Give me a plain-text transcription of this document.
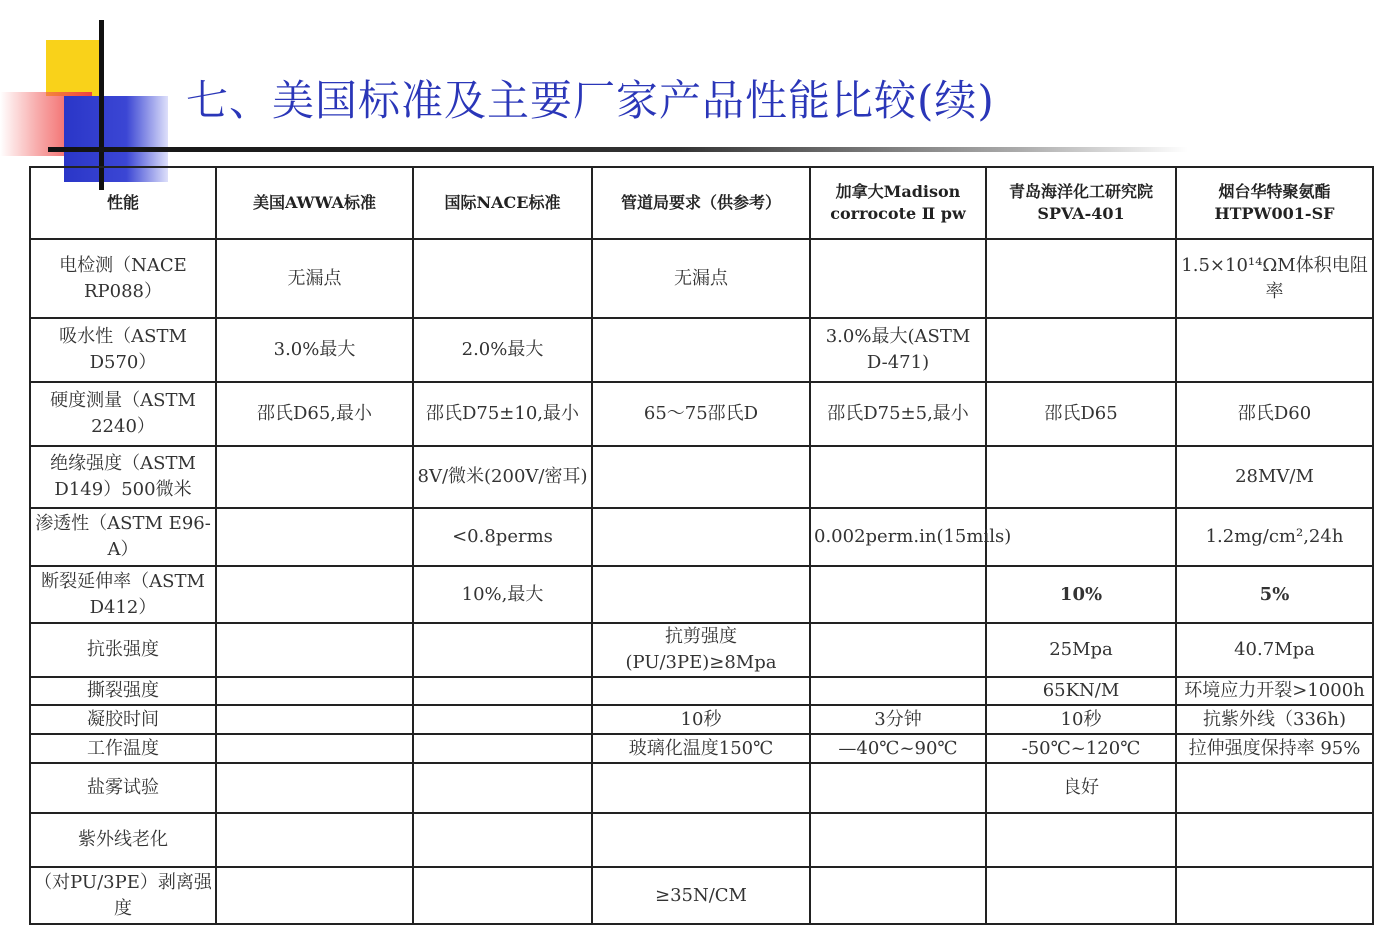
七、美国标准及主要厂家产品性能比较(续)
性能	美国AWWA标准	国际NACE标准	管道局要求（供参考）	加拿大Madison corrocote Ⅱ pw	青岛海洋化工研究院 SPVA-401	烟台华特聚氨酯 HTPW001-SF
电检测（NACE RP088）	无漏点		无漏点			1.5×10¹⁴ΩM体积电阻率
吸水性（ASTM D570）	3.0%最大	2.0%最大		3.0%最大(ASTM D-471)		
硬度测量（ASTM 2240）	邵氏D65,最小	邵氏D75±10,最小	65～75邵氏D	邵氏D75±5,最小	邵氏D65	邵氏D60
绝缘强度（ASTM D149）500微米		8V/微米(200V/密耳)				28MV/M
渗透性（ASTM E96-A）		<0.8perms		0.002perm.in(15mils)		1.2mg/cm²,24h
断裂延伸率（ASTM D412）		10%,最大			10%	5%
抗张强度			抗剪强度(PU/3PE)≥8Mpa		25Mpa	40.7Mpa
撕裂强度					65KN/M	环境应力开裂>1000h
凝胶时间			10秒	3分钟	10秒	抗紫外线（336h)
工作温度			玻璃化温度150℃	—40℃~90℃	-50℃~120℃	拉伸强度保持率 95%
盐雾试验					良好	
紫外线老化						
（对PU/3PE）剥离强度			≥35N/CM			
